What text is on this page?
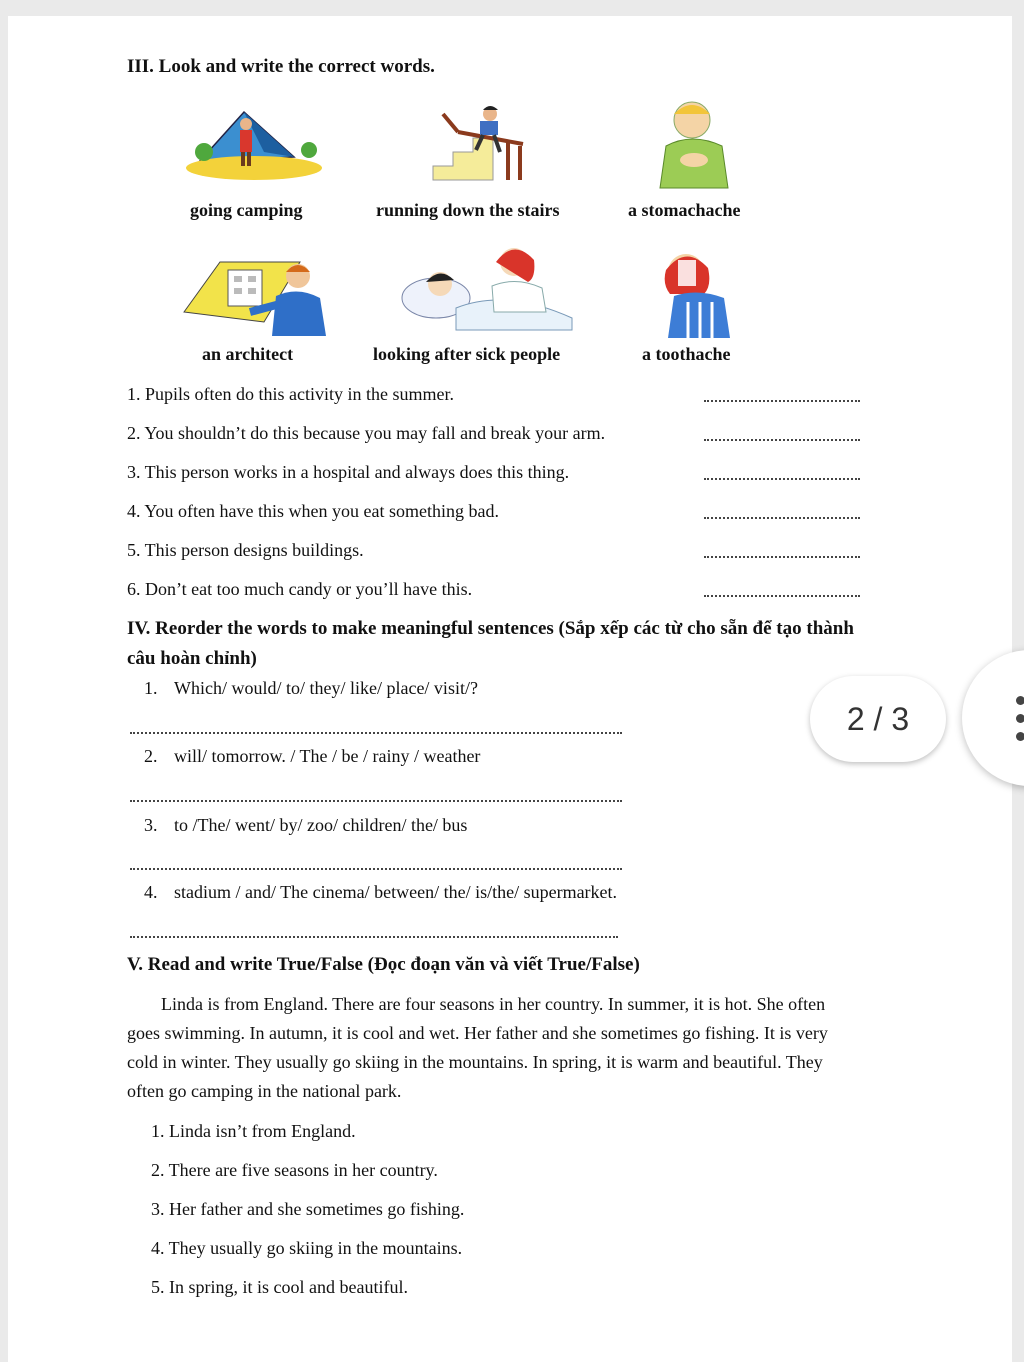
III. Look and write the correct words.
going camping	running down the stairs	a stomachache
an architect	looking after sick people	a toothache
1. Pupils often do this activity in the summer.
2. You shouldn’t do this because you may fall and break your arm.
3. This person works in a hospital and always does this thing.
4. You often have this when you eat something bad.
5. This person designs buildings.
6. Don’t eat too much candy or you’ll have this.
IV. Reorder the words to make meaningful sentences (Sắp xếp các từ cho sẵn để tạo thành
câu hoàn chỉnh)
1. Which/ would/ to/ they/ like/ place/ visit/?
2. will/ tomorrow. / The / be / rainy / weather
3. to /The/ went/ by/ zoo/ children/ the/ bus
4. stadium / and/ The cinema/ between/ the/ is/the/ supermarket.
V. Read and write True/False (Đọc đoạn văn và viết True/False)
Linda is from England. There are four seasons in her country. In summer, it is hot. She often
goes swimming. In autumn, it is cool and wet. Her father and she sometimes go fishing. It is very
cold in winter. They usually go skiing in the mountains. In spring, it is warm and beautiful. They
often go camping in the national park.
1. Linda isn’t from England.
2. There are five seasons in her country.
3. Her father and she sometimes go fishing.
4. They usually go skiing in the mountains.
5. In spring, it is cool and beautiful.
2 / 3
